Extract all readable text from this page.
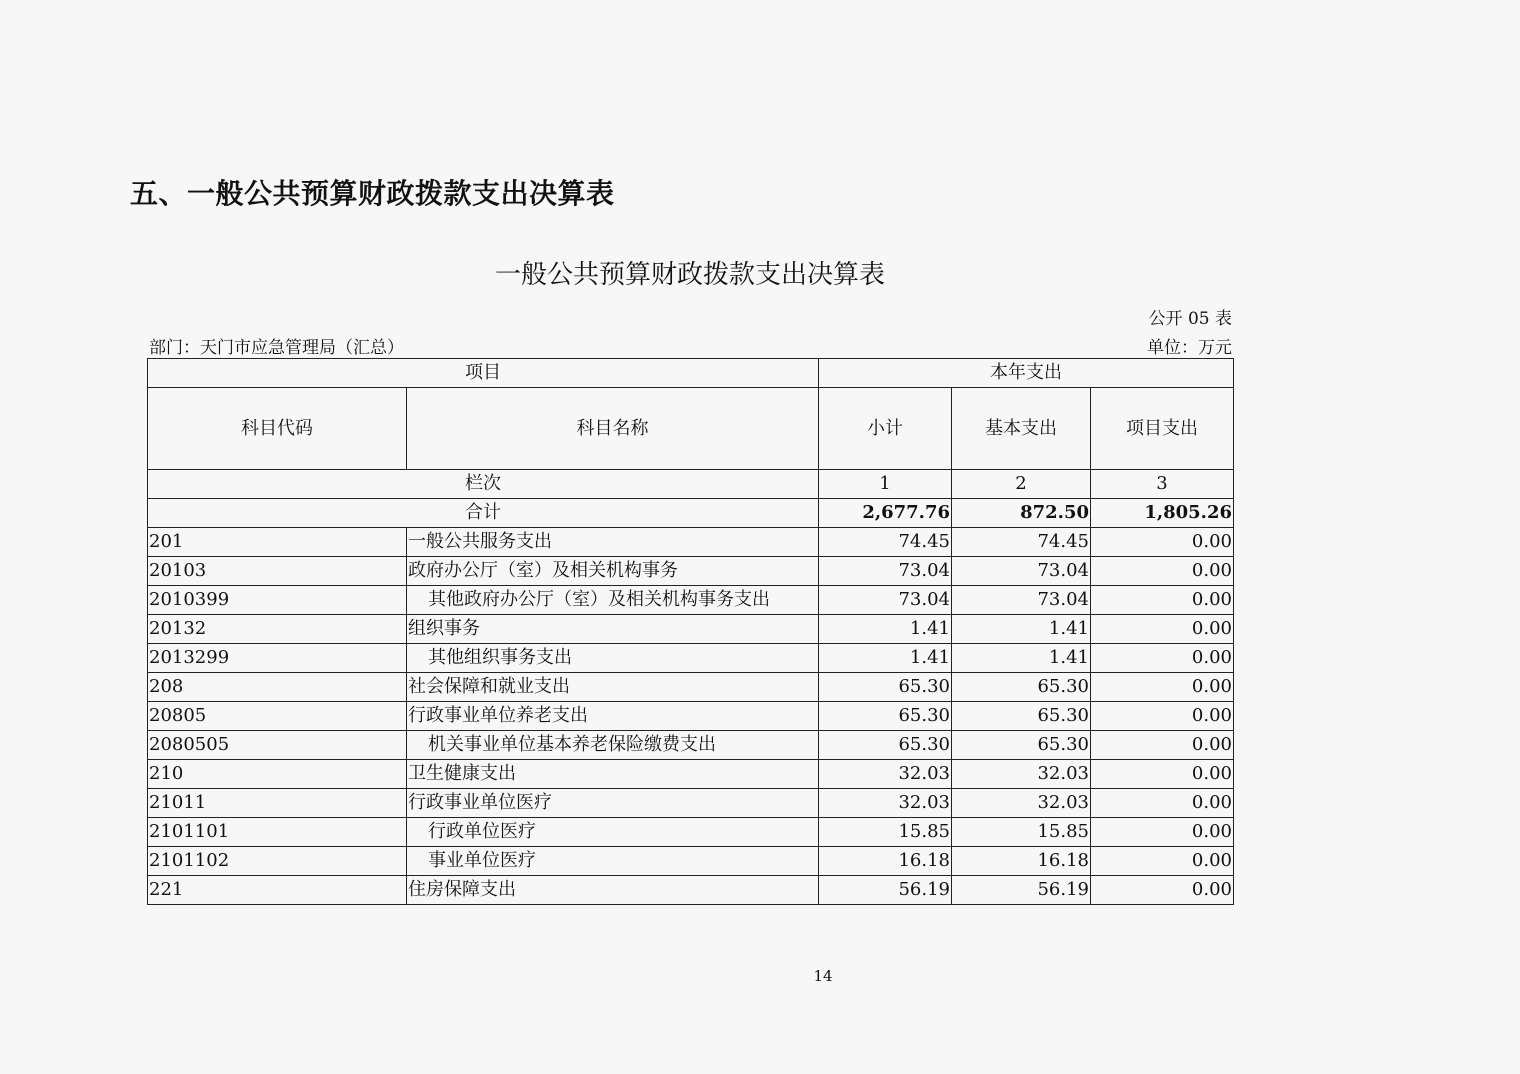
五、一般公共预算财政拨款支出决算表
一般公共预算财政拨款支出决算表
公开 05 表
部门：天门市应急管理局（汇总）	单位：万元
项目		本年支出		
科目代码	科目名称	小计	基本支出	项目支出
栏次		1	2	3
合计		2,677.76	872.50	1,805.26
201	一般公共服务支出	74.45	74.45	0.00
20103	政府办公厅（室）及相关机构事务	73.04	73.04	0.00
2010399	其他政府办公厅（室）及相关机构事务支出	73.04	73.04	0.00
20132	组织事务	1.41	1.41	0.00
2013299	其他组织事务支出	1.41	1.41	0.00
208	社会保障和就业支出	65.30	65.30	0.00
20805	行政事业单位养老支出	65.30	65.30	0.00
2080505	机关事业单位基本养老保险缴费支出	65.30	65.30	0.00
210	卫生健康支出	32.03	32.03	0.00
21011	行政事业单位医疗	32.03	32.03	0.00
2101101	行政单位医疗	15.85	15.85	0.00
2101102	事业单位医疗	16.18	16.18	0.00
221	住房保障支出	56.19	56.19	0.00
14
